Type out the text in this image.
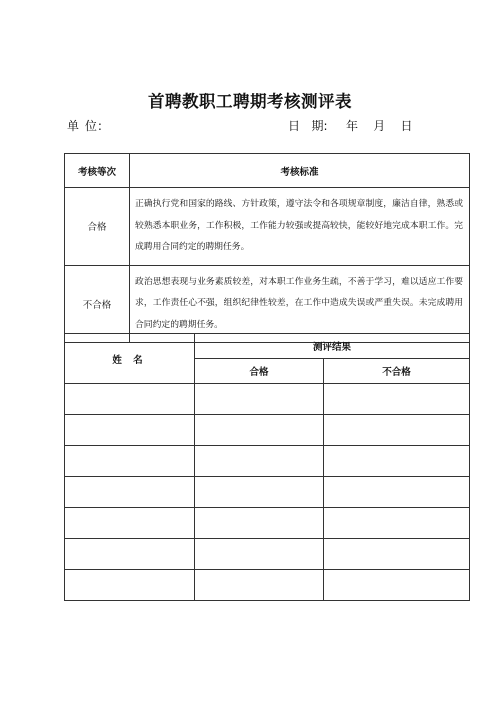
首聘教职工聘期考核测评表
单 位:	日   期: 年    月    日
考核等次	考核标准
合格	正确执行党和国家的路线、方针政策，遵守法令和各项规章制度，廉洁自律，熟悉或较熟悉本职业务，工作积极，工作能力较强或提高较快，能较好地完成本职工作。完成聘用合同约定的聘期任务。
不合格	政治思想表现与业务素质较差，对本职工作业务生疏，不善于学习，难以适应工作要求，工作责任心不强，组织纪律性较差，在工作中造成失误或严重失误。未完成聘用合同约定的聘期任务。
姓 名	测评结果	
	合格	不合格
